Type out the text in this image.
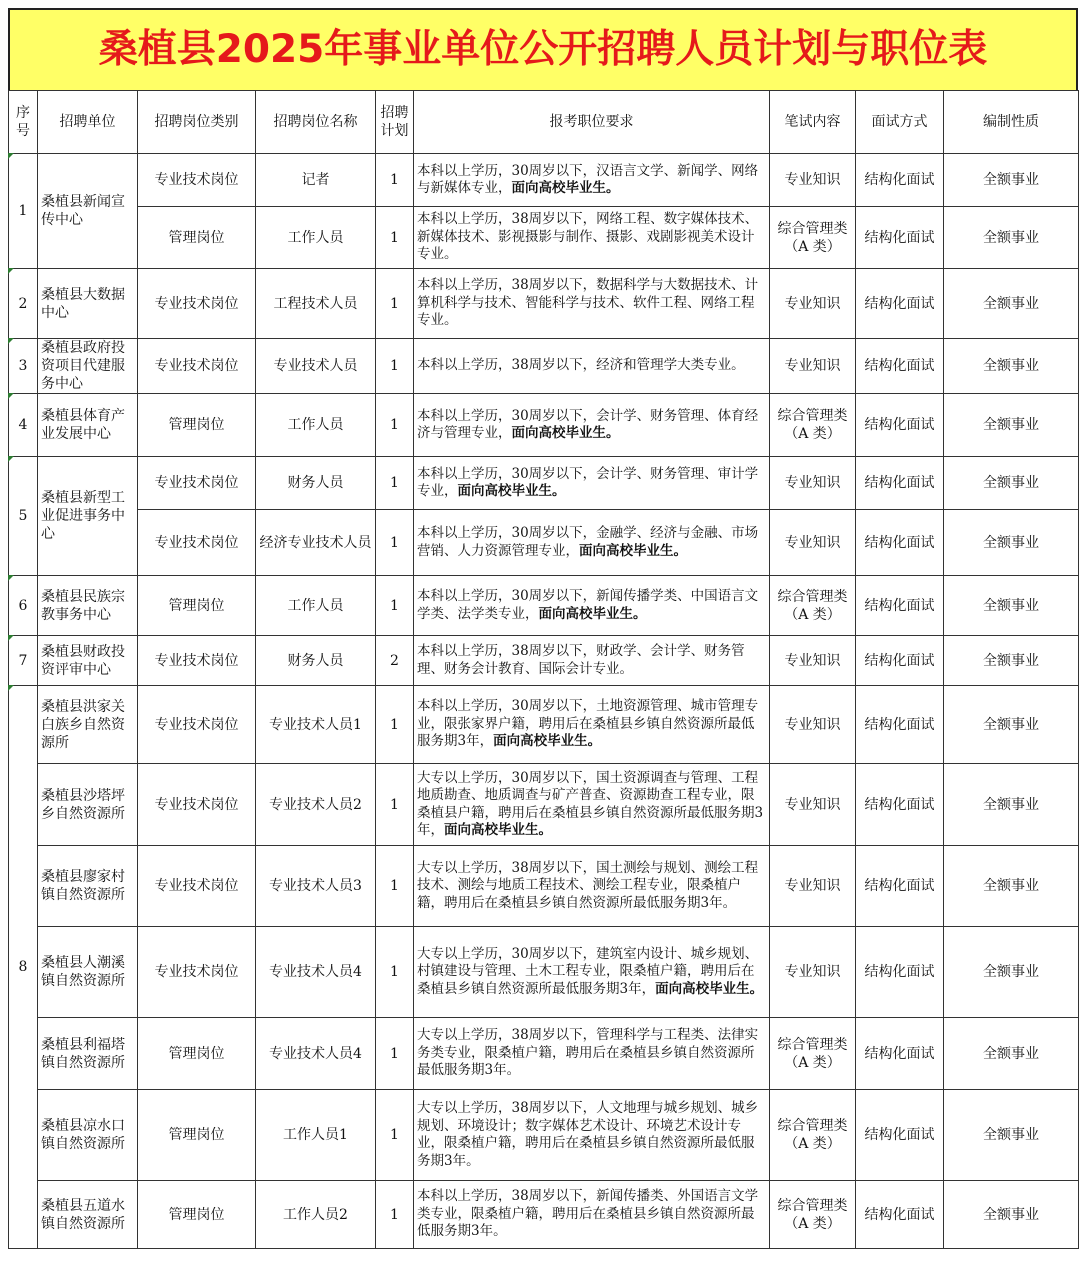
桑植县2025年事业单位公开招聘人员计划与职位表
序号	招聘单位	招聘岗位类别	招聘岗位名称	招聘计划	报考职位要求	笔试内容	面试方式	编制性质
1	桑植县新闻宣传中心	专业技术岗位	记者	1	本科以上学历，30周岁以下，汉语言文学、新闻学、网络与新媒体专业，面向高校毕业生。	专业知识	结构化面试	全额事业
		管理岗位	工作人员	1	本科以上学历，38周岁以下，网络工程、数字媒体技术、新媒体技术、影视摄影与制作、摄影、戏剧影视美术设计专业。	综合管理类（A 类）	结构化面试	全额事业
2	桑植县大数据中心	专业技术岗位	工程技术人员	1	本科以上学历，38周岁以下，数据科学与大数据技术、计算机科学与技术、智能科学与技术、软件工程、网络工程专业。	专业知识	结构化面试	全额事业
3	桑植县政府投资项目代建服务中心	专业技术岗位	专业技术人员	1	本科以上学历，38周岁以下，经济和管理学大类专业。	专业知识	结构化面试	全额事业
4	桑植县体育产业发展中心	管理岗位	工作人员	1	本科以上学历，30周岁以下，会计学、财务管理、体育经济与管理专业，面向高校毕业生。	综合管理类（A 类）	结构化面试	全额事业
5	桑植县新型工业促进事务中心	专业技术岗位	财务人员	1	本科以上学历，30周岁以下，会计学、财务管理、审计学专业，面向高校毕业生。	专业知识	结构化面试	全额事业
		专业技术岗位	经济专业技术人员	1	本科以上学历，30周岁以下，金融学、经济与金融、市场营销、人力资源管理专业，面向高校毕业生。	专业知识	结构化面试	全额事业
6	桑植县民族宗教事务中心	管理岗位	工作人员	1	本科以上学历，30周岁以下，新闻传播学类、中国语言文学类、法学类专业，面向高校毕业生。	综合管理类（A 类）	结构化面试	全额事业
7	桑植县财政投资评审中心	专业技术岗位	财务人员	2	本科以上学历，38周岁以下，财政学、会计学、财务管理、财务会计教育、国际会计专业。	专业知识	结构化面试	全额事业
8	桑植县洪家关白族乡自然资源所	专业技术岗位	专业技术人员1	1	本科以上学历，30周岁以下，土地资源管理、城市管理专业，限张家界户籍，聘用后在桑植县乡镇自然资源所最低服务期3年，面向高校毕业生。	专业知识	结构化面试	全额事业
	桑植县沙塔坪乡自然资源所	专业技术岗位	专业技术人员2	1	大专以上学历，30周岁以下，国土资源调查与管理、工程地质勘查、地质调查与矿产普查、资源勘查工程专业，限桑植县户籍，聘用后在桑植县乡镇自然资源所最低服务期3年，面向高校毕业生。	专业知识	结构化面试	全额事业
	桑植县廖家村镇自然资源所	专业技术岗位	专业技术人员3	1	大专以上学历，38周岁以下，国土测绘与规划、测绘工程技术、测绘与地质工程技术、测绘工程专业，限桑植户籍，聘用后在桑植县乡镇自然资源所最低服务期3年。	专业知识	结构化面试	全额事业
	桑植县人潮溪镇自然资源所	专业技术岗位	专业技术人员4	1	大专以上学历，30周岁以下，建筑室内设计、城乡规划、村镇建设与管理、土木工程专业，限桑植户籍，聘用后在桑植县乡镇自然资源所最低服务期3年，面向高校毕业生。	专业知识	结构化面试	全额事业
	桑植县利福塔镇自然资源所	管理岗位	专业技术人员4	1	大专以上学历，38周岁以下，管理科学与工程类、法律实务类专业，限桑植户籍，聘用后在桑植县乡镇自然资源所最低服务期3年。	综合管理类（A 类）	结构化面试	全额事业
	桑植县凉水口镇自然资源所	管理岗位	工作人员1	1	大专以上学历，38周岁以下，人文地理与城乡规划、城乡规划、环境设计；数字媒体艺术设计、环境艺术设计专业，限桑植户籍，聘用后在桑植县乡镇自然资源所最低服务期3年。	综合管理类（A 类）	结构化面试	全额事业
	桑植县五道水镇自然资源所	管理岗位	工作人员2	1	本科以上学历，38周岁以下，新闻传播类、外国语言文学类专业，限桑植户籍，聘用后在桑植县乡镇自然资源所最低服务期3年。	综合管理类（A 类）	结构化面试	全额事业
